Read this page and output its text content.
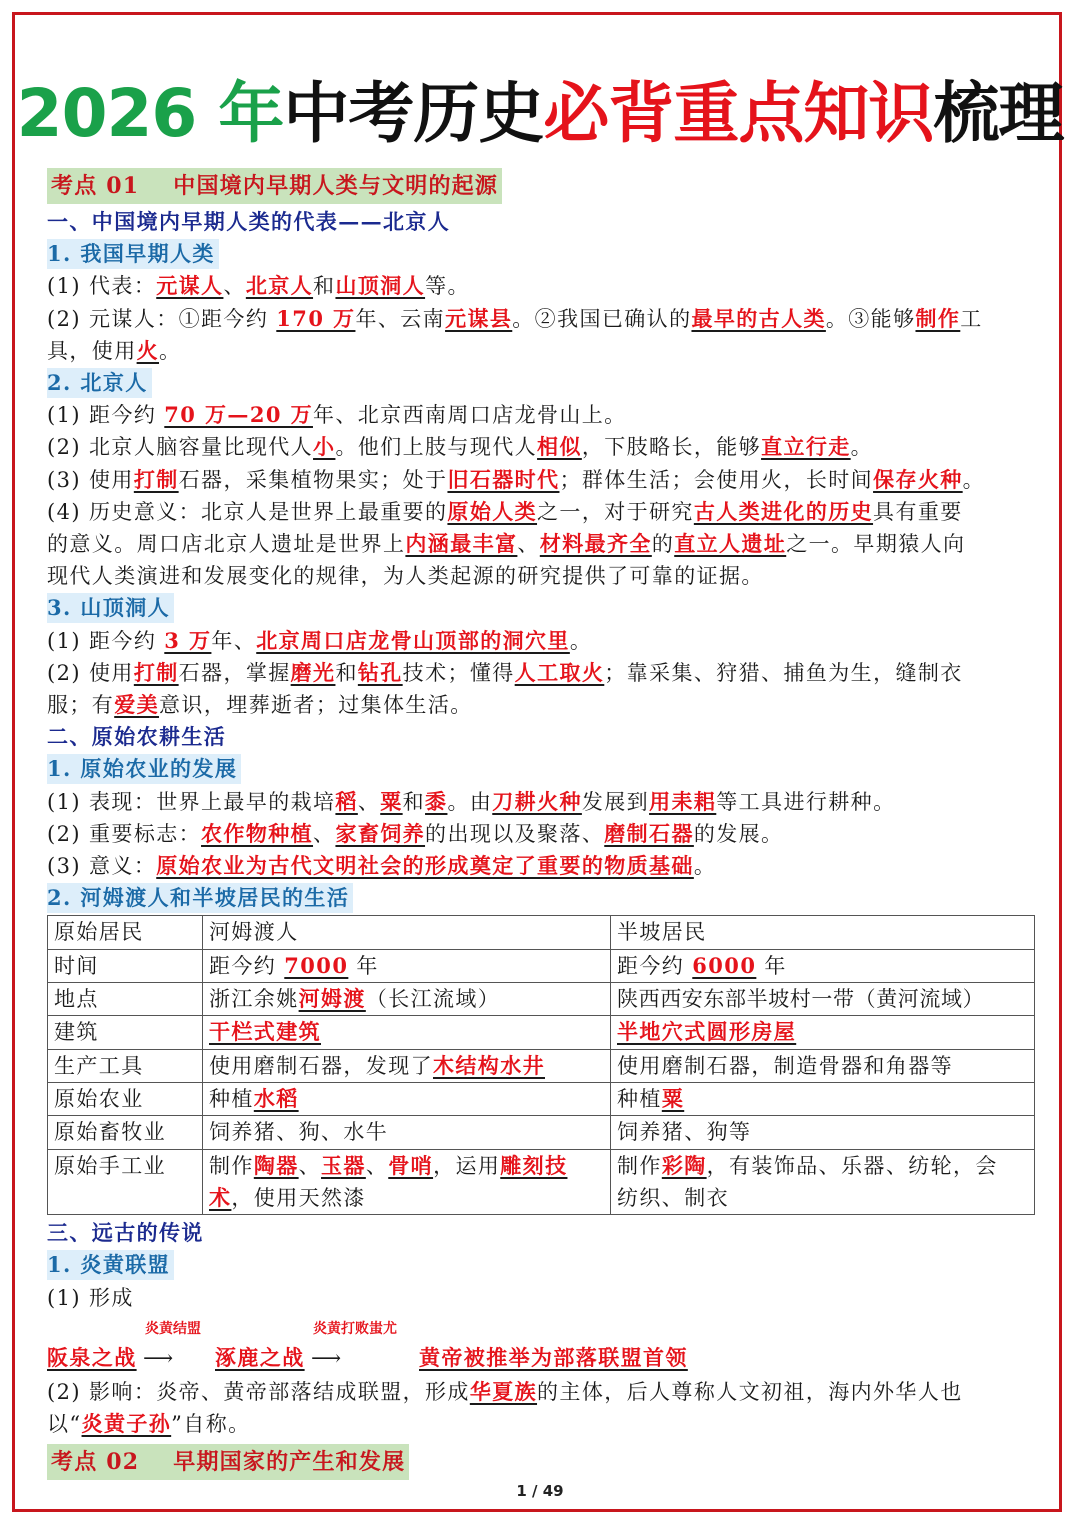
2026 年中考历史必背重点知识梳理
考点 01 中国境内早期人类与文明的起源
一、中国境内早期人类的代表——北京人
1. 我国早期人类
(1) 代表：元谋人、北京人和山顶洞人等。
(2) 元谋人：①距今约 170 万年、云南元谋县。②我国已确认的最早的古人类。③能够制作工
具，使用火。
2. 北京人
(1) 距今约 70 万—20 万年、北京西南周口店龙骨山上。
(2) 北京人脑容量比现代人小。他们上肢与现代人相似，下肢略长，能够直立行走。
(3) 使用打制石器，采集植物果实；处于旧石器时代；群体生活；会使用火，长时间保存火种。
(4) 历史意义：北京人是世界上最重要的原始人类之一，对于研究古人类进化的历史具有重要
的意义。周口店北京人遗址是世界上内涵最丰富、材料最齐全的直立人遗址之一。早期猿人向
现代人类演进和发展变化的规律，为人类起源的研究提供了可靠的证据。
3. 山顶洞人
(1) 距今约 3 万年、北京周口店龙骨山顶部的洞穴里。
(2) 使用打制石器，掌握磨光和钻孔技术；懂得人工取火；靠采集、狩猎、捕鱼为生，缝制衣
服；有爱美意识，埋葬逝者；过集体生活。
二、原始农耕生活
1. 原始农业的发展
(1) 表现：世界上最早的栽培稻、粟和黍。由刀耕火种发展到用耒耜等工具进行耕种。
(2) 重要标志：农作物种植、家畜饲养的出现以及聚落、磨制石器的发展。
(3) 意义：原始农业为古代文明社会的形成奠定了重要的物质基础。
2. 河姆渡人和半坡居民的生活
原始居民	河姆渡人	半坡居民
时间	距今约 7000 年	距今约 6000 年
地点	浙江余姚河姆渡（长江流域）	陕西西安东部半坡村一带（黄河流域）
建筑	干栏式建筑	半地穴式圆形房屋
生产工具	使用磨制石器，发现了木结构水井	使用磨制石器，制造骨器和角器等
原始农业	种植水稻	种植粟
原始畜牧业	饲养猪、狗、水牛	饲养猪、狗等
原始手工业	制作陶器、玉器、骨哨，运用雕刻技
术，使用天然漆	制作彩陶，有装饰品、乐器、纺轮，会
纺织、制衣
三、远古的传说
1. 炎黄联盟
(1) 形成
阪泉之战
炎黄结盟
⟶ 涿鹿之战
炎黄打败蚩尤
⟶	黄帝被推举为部落联盟首领
(2) 影响：炎帝、黄帝部落结成联盟，形成华夏族的主体，后人尊称人文初祖，海内外华人也
以“炎黄子孙”自称。
考点 02 早期国家的产生和发展
1 / 49
